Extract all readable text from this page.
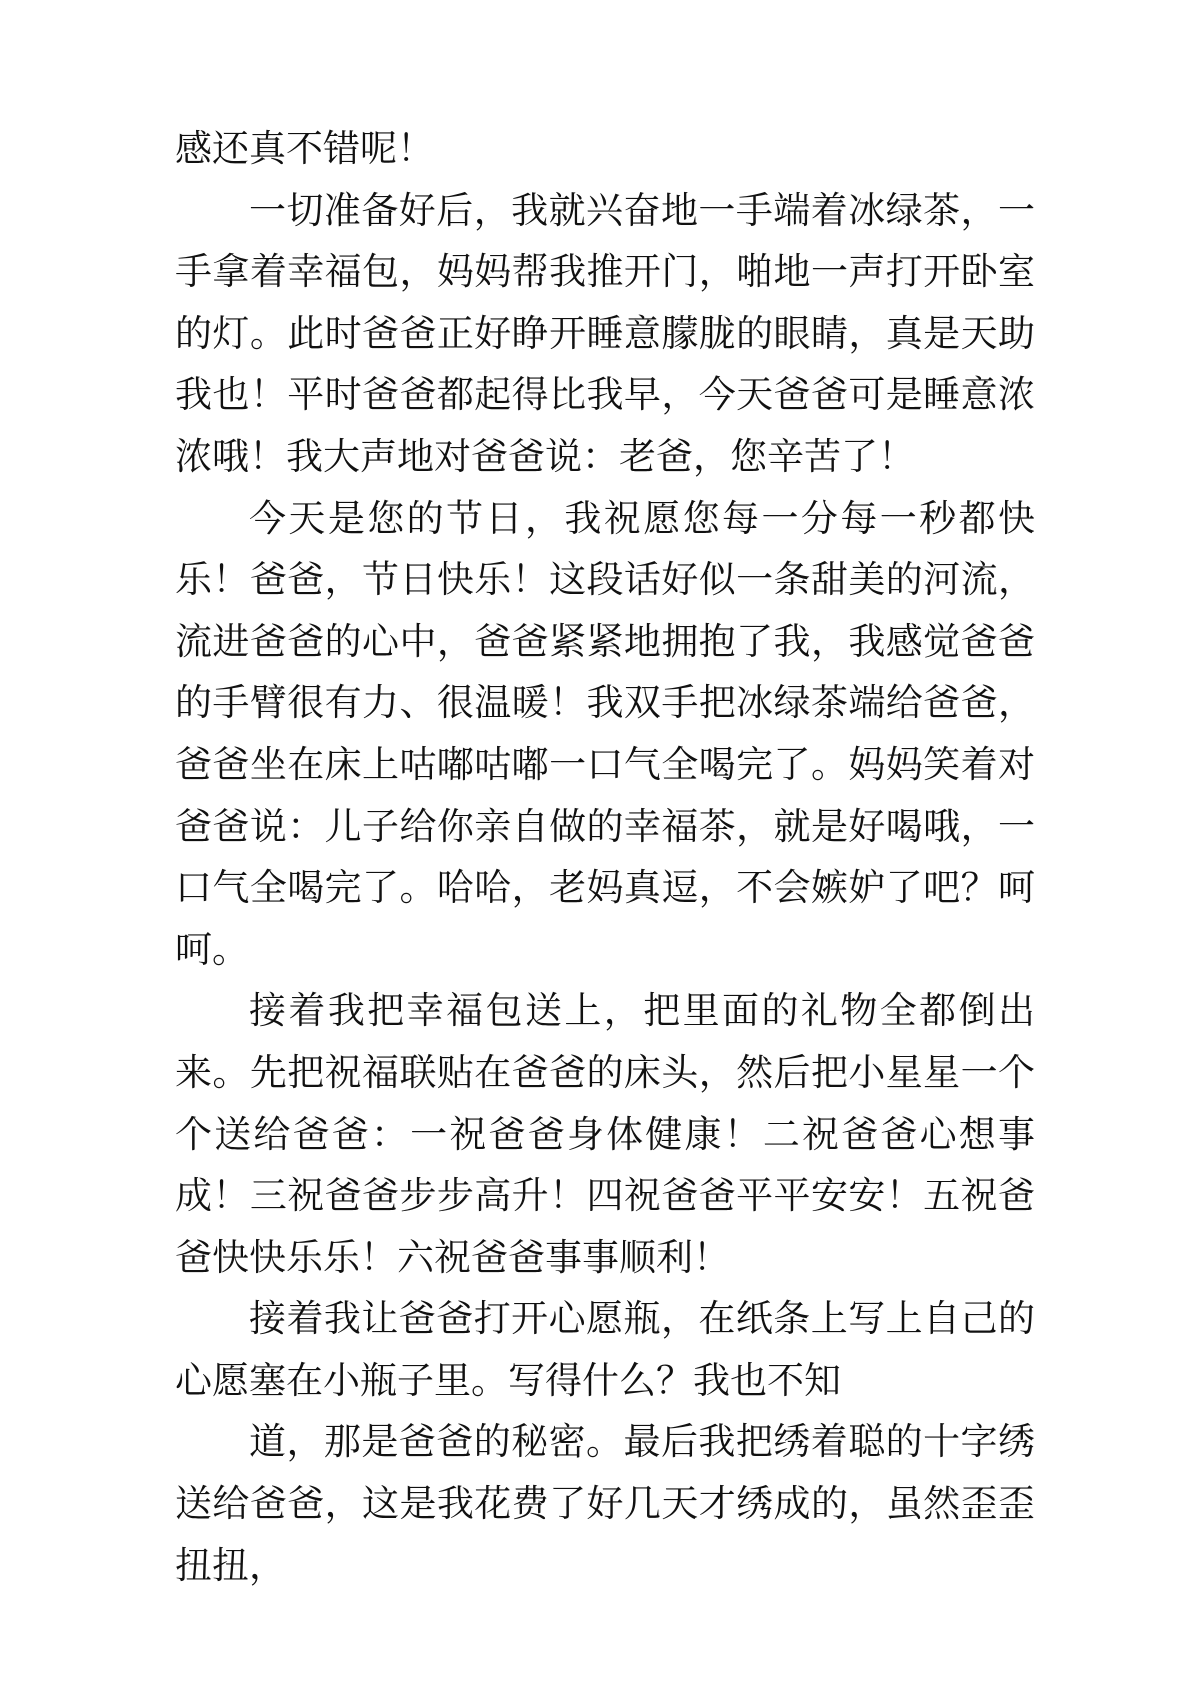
感还真不错呢！

一切准备好后，我就兴奋地一手端着冰绿茶，一手拿着幸福包，妈妈帮我推开门，啪地一声打开卧室的灯。此时爸爸正好睁开睡意朦胧的眼睛，真是天助我也！平时爸爸都起得比我早，今天爸爸可是睡意浓浓哦！我大声地对爸爸说：老爸，您辛苦了！

今天是您的节日，我祝愿您每一分每一秒都快乐！爸爸，节日快乐！这段话好似一条甜美的河流，流进爸爸的心中，爸爸紧紧地拥抱了我，我感觉爸爸的手臂很有力、很温暖！我双手把冰绿茶端给爸爸，爸爸坐在床上咕嘟咕嘟一口气全喝完了。妈妈笑着对爸爸说：儿子给你亲自做的幸福茶，就是好喝哦，一口气全喝完了。哈哈，老妈真逗，不会嫉妒了吧？呵呵。

接着我把幸福包送上，把里面的礼物全都倒出来。先把祝福联贴在爸爸的床头，然后把小星星一个个送给爸爸：一祝爸爸身体健康！二祝爸爸心想事成！三祝爸爸步步高升！四祝爸爸平平安安！五祝爸爸快快乐乐！六祝爸爸事事顺利！

接着我让爸爸打开心愿瓶，在纸条上写上自己的心愿塞在小瓶子里。写得什么？我也不知

道，那是爸爸的秘密。最后我把绣着聪的十字绣送给爸爸，这是我花费了好几天才绣成的，虽然歪歪扭扭，
